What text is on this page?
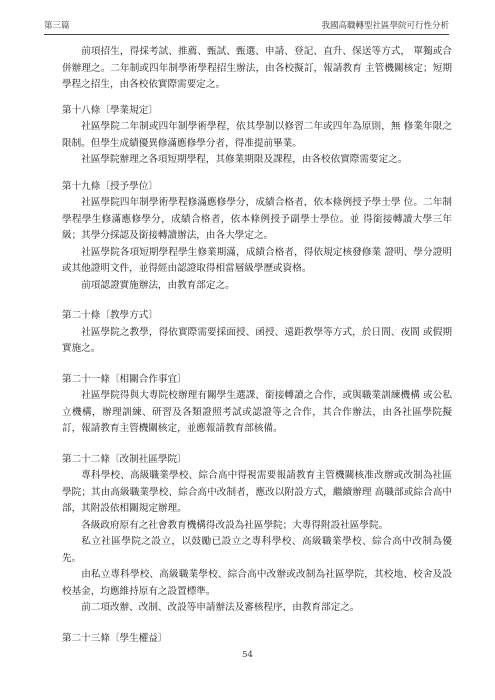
第三篇	我國高職轉型社區學院可行性分析

前項招生，得採考試、推薦、甄試、甄選、申請、登記、直升、保送等方式， 單獨或合併辦理之。二年制或四年制學術學程招生辦法，由各校擬訂，報請教育 主管機關核定；短期學程之招生，由各校依實際需要定之。

第十八條〔學業規定〕

社區學院二年制或四年制學術學程，依其學制以修習二年或四年為原則，無 修業年限之限制。但學生成績優異修滿應修學分者，得准提前畢業。

社區學院辦理之各項短期學程，其修業期限及課程，由各校依實際需要定之。

第十九條〔授予學位〕

社區學院四年制學術學程修滿應修學分，成績合格者，依本條例授予學士學 位。二年制學程學生修滿應修學分，成績合格者，依本條例授予副學士學位。並 得銜接轉讀大學三年級；其學分採認及銜接轉讀辦法，由各大學定之。

社區學院各項短期學程學生修業期滿，成績合格者，得依規定核發修業 證明、學分證明或其他證明文件，並得經由認證取得相當層級學歷或資格。

前項認證實施辦法，由教育部定之。

第二十條〔教學方式〕

社區學院之教學，得依實際需要採面授、函授、遠距教學等方式，於日間、夜間 或假期實施之。

第二十一條〔相關合作事宜〕

社區學院得與大專院校辦理有關學生選課、銜接轉讀之合作，或與職業訓練機構 或公私立機構，辦理訓練、研習及各類證照考試或認證等之合作，其合作辦法，由各社區學院擬訂，報請教育主管機關核定，並應報請教育部核備。

第二十二條〔改制社區學院〕

專科學校、高級職業學校、綜合高中得視需要報請教育主管機關核准改辦或改制為社區學院；其由高級職業學校、綜合高中改制者，應改以附設方式，繼續辦理 高職部或綜合高中部，其附設依相關規定辦理。

各級政府原有之社會教育機構得改設為社區學院；大專得附設社區學院。

私立社區學院之設立，以鼓勵已設立之專科學校、高級職業學校、綜合高中改制為優先。

由私立專科學校、高級職業學校、綜合高中改辦或改制為社區學院，其校地、校舍及設校基金，均應維持原有之設置標準。

前二項改辦、改制、改設等申請辦法及審核程序，由教育部定之。

第二十三條〔學生權益〕

54
